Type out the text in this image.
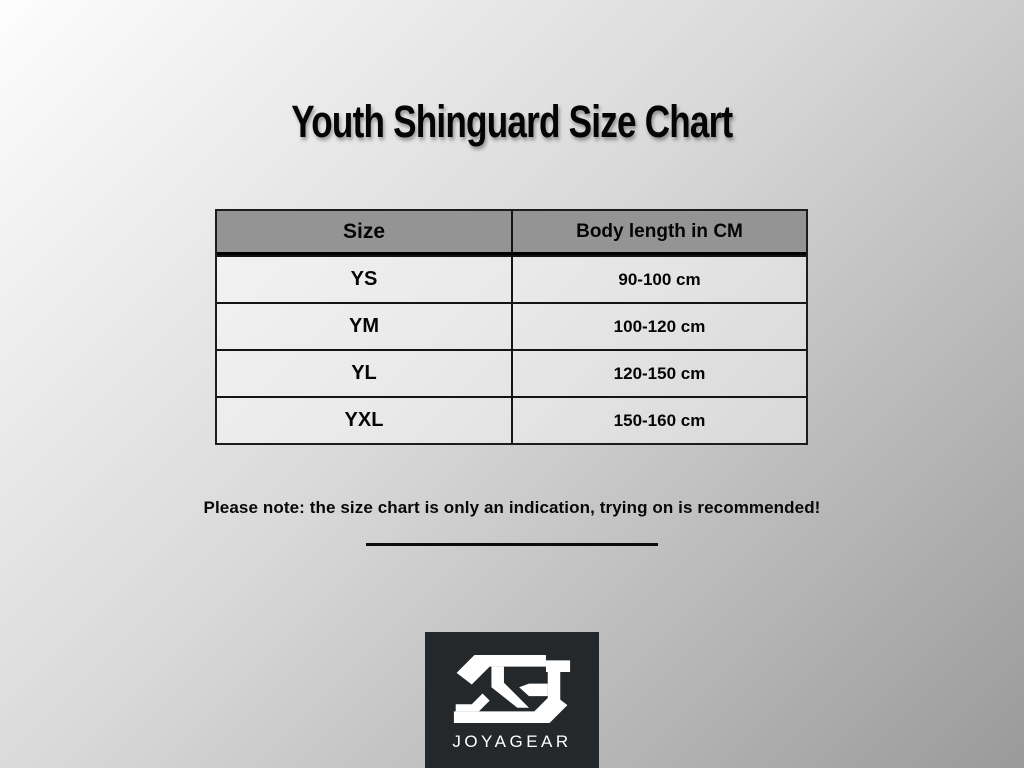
Youth Shinguard Size Chart
Size	Body length in CM
YS	90-100 cm
YM	100-120 cm
YL	120-150 cm
YXL	150-160 cm
Please note: the size chart is only an indication, trying on is recommended!
JOYAGEAR
